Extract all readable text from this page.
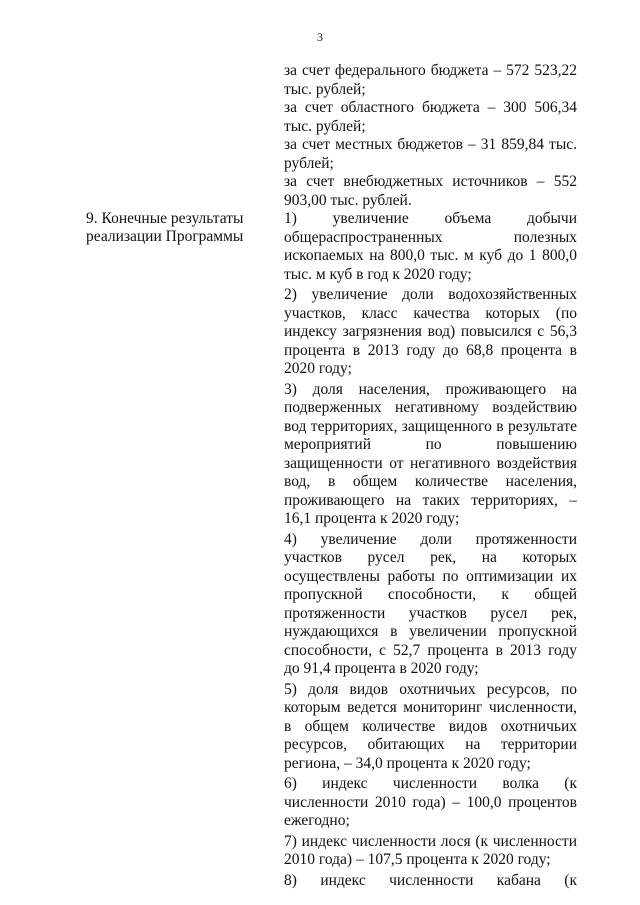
3

за счет федерального бюджета – 572 523,22 тыс. рублей;

за счет областного бюджета – 300 506,34 тыс. рублей;

за счет местных бюджетов – 31 859,84 тыс. рублей;

за счет внебюджетных источников – 552 903,00 тыс. рублей.

9. Конечные результаты реализации Программы

1) увеличение объема добычи общераспространенных полезных ископаемых на 800,0 тыс. м куб до 1 800,0 тыс. м куб в год к 2020 году;

2) увеличение доли водохозяйственных участков, класс качества которых (по индексу загрязнения вод) повысился с 56,3 процента в 2013 году до 68,8 процента в 2020 году;

3) доля населения, проживающего на подверженных негативному воздействию вод территориях, защищенного в результате мероприятий по повышению защищенности от негативного воздействия вод, в общем количестве населения, проживающего на таких территориях, – 16,1 процента к 2020 году;

4) увеличение доли протяженности участков русел рек, на которых осуществлены работы по оптимизации их пропускной способности, к общей протяженности участков русел рек, нуждающихся в увеличении пропускной способности, с 52,7 процента в 2013 году до 91,4 процента в 2020 году;

5) доля видов охотничьих ресурсов, по которым ведется мониторинг численности, в общем количестве видов охотничьих ресурсов, обитающих на территории региона, – 34,0 процента к 2020 году;

6) индекс численности волка (к численности 2010 года) – 100,0 процентов ежегодно;

7) индекс численности лося (к численности 2010 года) – 107,5 процента к 2020 году;

8) индекс численности кабана (к
